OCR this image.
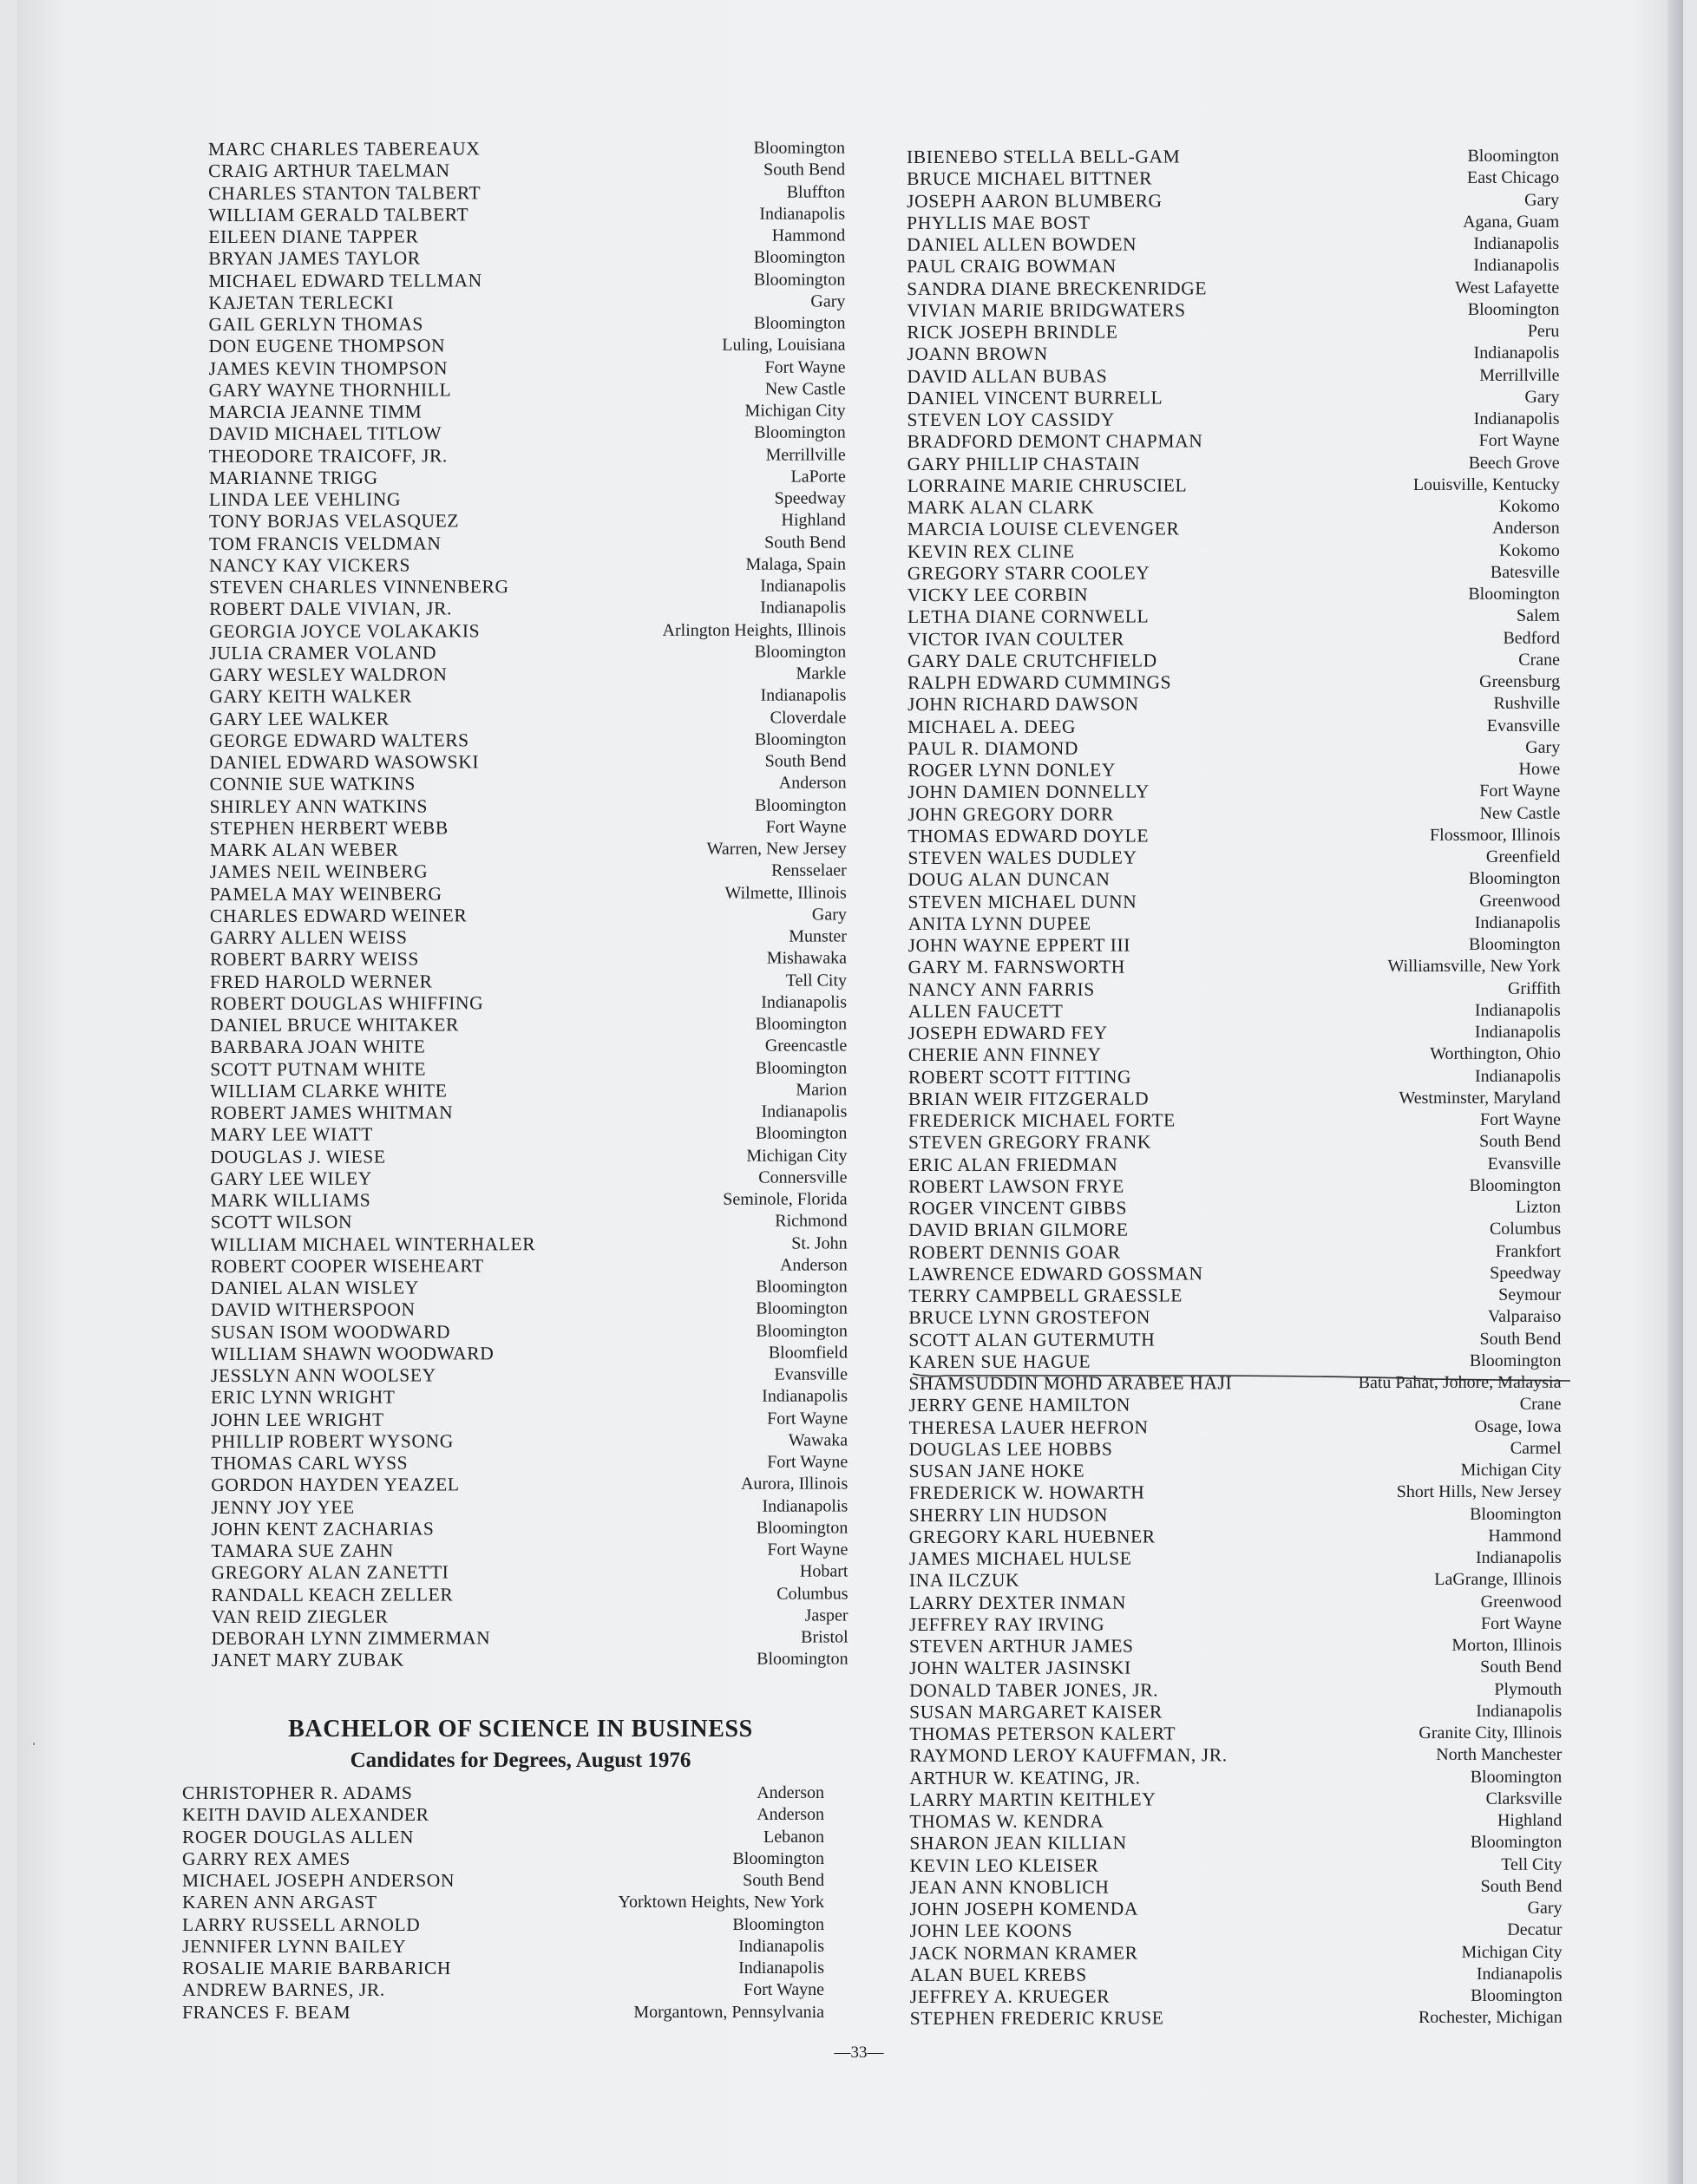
MARC CHARLES TABEREAUX	Bloomington
CRAIG ARTHUR TAELMAN	South Bend
CHARLES STANTON TALBERT	Bluffton
WILLIAM GERALD TALBERT	Indianapolis
EILEEN DIANE TAPPER	Hammond
BRYAN JAMES TAYLOR	Bloomington
MICHAEL EDWARD TELLMAN	Bloomington
KAJETAN TERLECKI	Gary
GAIL GERLYN THOMAS	Bloomington
DON EUGENE THOMPSON	Luling, Louisiana
JAMES KEVIN THOMPSON	Fort Wayne
GARY WAYNE THORNHILL	New Castle
MARCIA JEANNE TIMM	Michigan City
DAVID MICHAEL TITLOW	Bloomington
THEODORE TRAICOFF, JR.	Merrillville
MARIANNE TRIGG	LaPorte
LINDA LEE VEHLING	Speedway
TONY BORJAS VELASQUEZ	Highland
TOM FRANCIS VELDMAN	South Bend
NANCY KAY VICKERS	Malaga, Spain
STEVEN CHARLES VINNENBERG	Indianapolis
ROBERT DALE VIVIAN, JR.	Indianapolis
GEORGIA JOYCE VOLAKAKIS	Arlington Heights, Illinois
JULIA CRAMER VOLAND	Bloomington
GARY WESLEY WALDRON	Markle
GARY KEITH WALKER	Indianapolis
GARY LEE WALKER	Cloverdale
GEORGE EDWARD WALTERS	Bloomington
DANIEL EDWARD WASOWSKI	South Bend
CONNIE SUE WATKINS	Anderson
SHIRLEY ANN WATKINS	Bloomington
STEPHEN HERBERT WEBB	Fort Wayne
MARK ALAN WEBER	Warren, New Jersey
JAMES NEIL WEINBERG	Rensselaer
PAMELA MAY WEINBERG	Wilmette, Illinois
CHARLES EDWARD WEINER	Gary
GARRY ALLEN WEISS	Munster
ROBERT BARRY WEISS	Mishawaka
FRED HAROLD WERNER	Tell City
ROBERT DOUGLAS WHIFFING	Indianapolis
DANIEL BRUCE WHITAKER	Bloomington
BARBARA JOAN WHITE	Greencastle
SCOTT PUTNAM WHITE	Bloomington
WILLIAM CLARKE WHITE	Marion
ROBERT JAMES WHITMAN	Indianapolis
MARY LEE WIATT	Bloomington
DOUGLAS J. WIESE	Michigan City
GARY LEE WILEY	Connersville
MARK WILLIAMS	Seminole, Florida
SCOTT WILSON	Richmond
WILLIAM MICHAEL WINTERHALER	St. John
ROBERT COOPER WISEHEART	Anderson
DANIEL ALAN WISLEY	Bloomington
DAVID WITHERSPOON	Bloomington
SUSAN ISOM WOODWARD	Bloomington
WILLIAM SHAWN WOODWARD	Bloomfield
JESSLYN ANN WOOLSEY	Evansville
ERIC LYNN WRIGHT	Indianapolis
JOHN LEE WRIGHT	Fort Wayne
PHILLIP ROBERT WYSONG	Wawaka
THOMAS CARL WYSS	Fort Wayne
GORDON HAYDEN YEAZEL	Aurora, Illinois
JENNY JOY YEE	Indianapolis
JOHN KENT ZACHARIAS	Bloomington
TAMARA SUE ZAHN	Fort Wayne
GREGORY ALAN ZANETTI	Hobart
RANDALL KEACH ZELLER	Columbus
VAN REID ZIEGLER	Jasper
DEBORAH LYNN ZIMMERMAN	Bristol
JANET MARY ZUBAK	Bloomington
BACHELOR OF SCIENCE IN BUSINESS
Candidates for Degrees, August 1976
CHRISTOPHER R. ADAMS	Anderson
KEITH DAVID ALEXANDER	Anderson
ROGER DOUGLAS ALLEN	Lebanon
GARRY REX AMES	Bloomington
MICHAEL JOSEPH ANDERSON	South Bend
KAREN ANN ARGAST	Yorktown Heights, New York
LARRY RUSSELL ARNOLD	Bloomington
JENNIFER LYNN BAILEY	Indianapolis
ROSALIE MARIE BARBARICH	Indianapolis
ANDREW BARNES, JR.	Fort Wayne
FRANCES F. BEAM	Morgantown, Pennsylvania
IBIENEBO STELLA BELL-GAM	Bloomington
BRUCE MICHAEL BITTNER	East Chicago
JOSEPH AARON BLUMBERG	Gary
PHYLLIS MAE BOST	Agana, Guam
DANIEL ALLEN BOWDEN	Indianapolis
PAUL CRAIG BOWMAN	Indianapolis
SANDRA DIANE BRECKENRIDGE	West Lafayette
VIVIAN MARIE BRIDGWATERS	Bloomington
RICK JOSEPH BRINDLE	Peru
JOANN BROWN	Indianapolis
DAVID ALLAN BUBAS	Merrillville
DANIEL VINCENT BURRELL	Gary
STEVEN LOY CASSIDY	Indianapolis
BRADFORD DEMONT CHAPMAN	Fort Wayne
GARY PHILLIP CHASTAIN	Beech Grove
LORRAINE MARIE CHRUSCIEL	Louisville, Kentucky
MARK ALAN CLARK	Kokomo
MARCIA LOUISE CLEVENGER	Anderson
KEVIN REX CLINE	Kokomo
GREGORY STARR COOLEY	Batesville
VICKY LEE CORBIN	Bloomington
LETHA DIANE CORNWELL	Salem
VICTOR IVAN COULTER	Bedford
GARY DALE CRUTCHFIELD	Crane
RALPH EDWARD CUMMINGS	Greensburg
JOHN RICHARD DAWSON	Rushville
MICHAEL A. DEEG	Evansville
PAUL R. DIAMOND	Gary
ROGER LYNN DONLEY	Howe
JOHN DAMIEN DONNELLY	Fort Wayne
JOHN GREGORY DORR	New Castle
THOMAS EDWARD DOYLE	Flossmoor, Illinois
STEVEN WALES DUDLEY	Greenfield
DOUG ALAN DUNCAN	Bloomington
STEVEN MICHAEL DUNN	Greenwood
ANITA LYNN DUPEE	Indianapolis
JOHN WAYNE EPPERT III	Bloomington
GARY M. FARNSWORTH	Williamsville, New York
NANCY ANN FARRIS	Griffith
ALLEN FAUCETT	Indianapolis
JOSEPH EDWARD FEY	Indianapolis
CHERIE ANN FINNEY	Worthington, Ohio
ROBERT SCOTT FITTING	Indianapolis
BRIAN WEIR FITZGERALD	Westminster, Maryland
FREDERICK MICHAEL FORTE	Fort Wayne
STEVEN GREGORY FRANK	South Bend
ERIC ALAN FRIEDMAN	Evansville
ROBERT LAWSON FRYE	Bloomington
ROGER VINCENT GIBBS	Lizton
DAVID BRIAN GILMORE	Columbus
ROBERT DENNIS GOAR	Frankfort
LAWRENCE EDWARD GOSSMAN	Speedway
TERRY CAMPBELL GRAESSLE	Seymour
BRUCE LYNN GROSTEFON	Valparaiso
SCOTT ALAN GUTERMUTH	South Bend
KAREN SUE HAGUE	Bloomington
SHAMSUDDIN MOHD ARABEE HAJI	Batu Pahat, Johore, Malaysia
JERRY GENE HAMILTON	Crane
THERESA LAUER HEFRON	Osage, Iowa
DOUGLAS LEE HOBBS	Carmel
SUSAN JANE HOKE	Michigan City
FREDERICK W. HOWARTH	Short Hills, New Jersey
SHERRY LIN HUDSON	Bloomington
GREGORY KARL HUEBNER	Hammond
JAMES MICHAEL HULSE	Indianapolis
INA ILCZUK	LaGrange, Illinois
LARRY DEXTER INMAN	Greenwood
JEFFREY RAY IRVING	Fort Wayne
STEVEN ARTHUR JAMES	Morton, Illinois
JOHN WALTER JASINSKI	South Bend
DONALD TABER JONES, JR.	Plymouth
SUSAN MARGARET KAISER	Indianapolis
THOMAS PETERSON KALERT	Granite City, Illinois
RAYMOND LEROY KAUFFMAN, JR.	North Manchester
ARTHUR W. KEATING, JR.	Bloomington
LARRY MARTIN KEITHLEY	Clarksville
THOMAS W. KENDRA	Highland
SHARON JEAN KILLIAN	Bloomington
KEVIN LEO KLEISER	Tell City
JEAN ANN KNOBLICH	South Bend
JOHN JOSEPH KOMENDA	Gary
JOHN LEE KOONS	Decatur
JACK NORMAN KRAMER	Michigan City
ALAN BUEL KREBS	Indianapolis
JEFFREY A. KRUEGER	Bloomington
STEPHEN FREDERIC KRUSE	Rochester, Michigan
ˌ
—33—
